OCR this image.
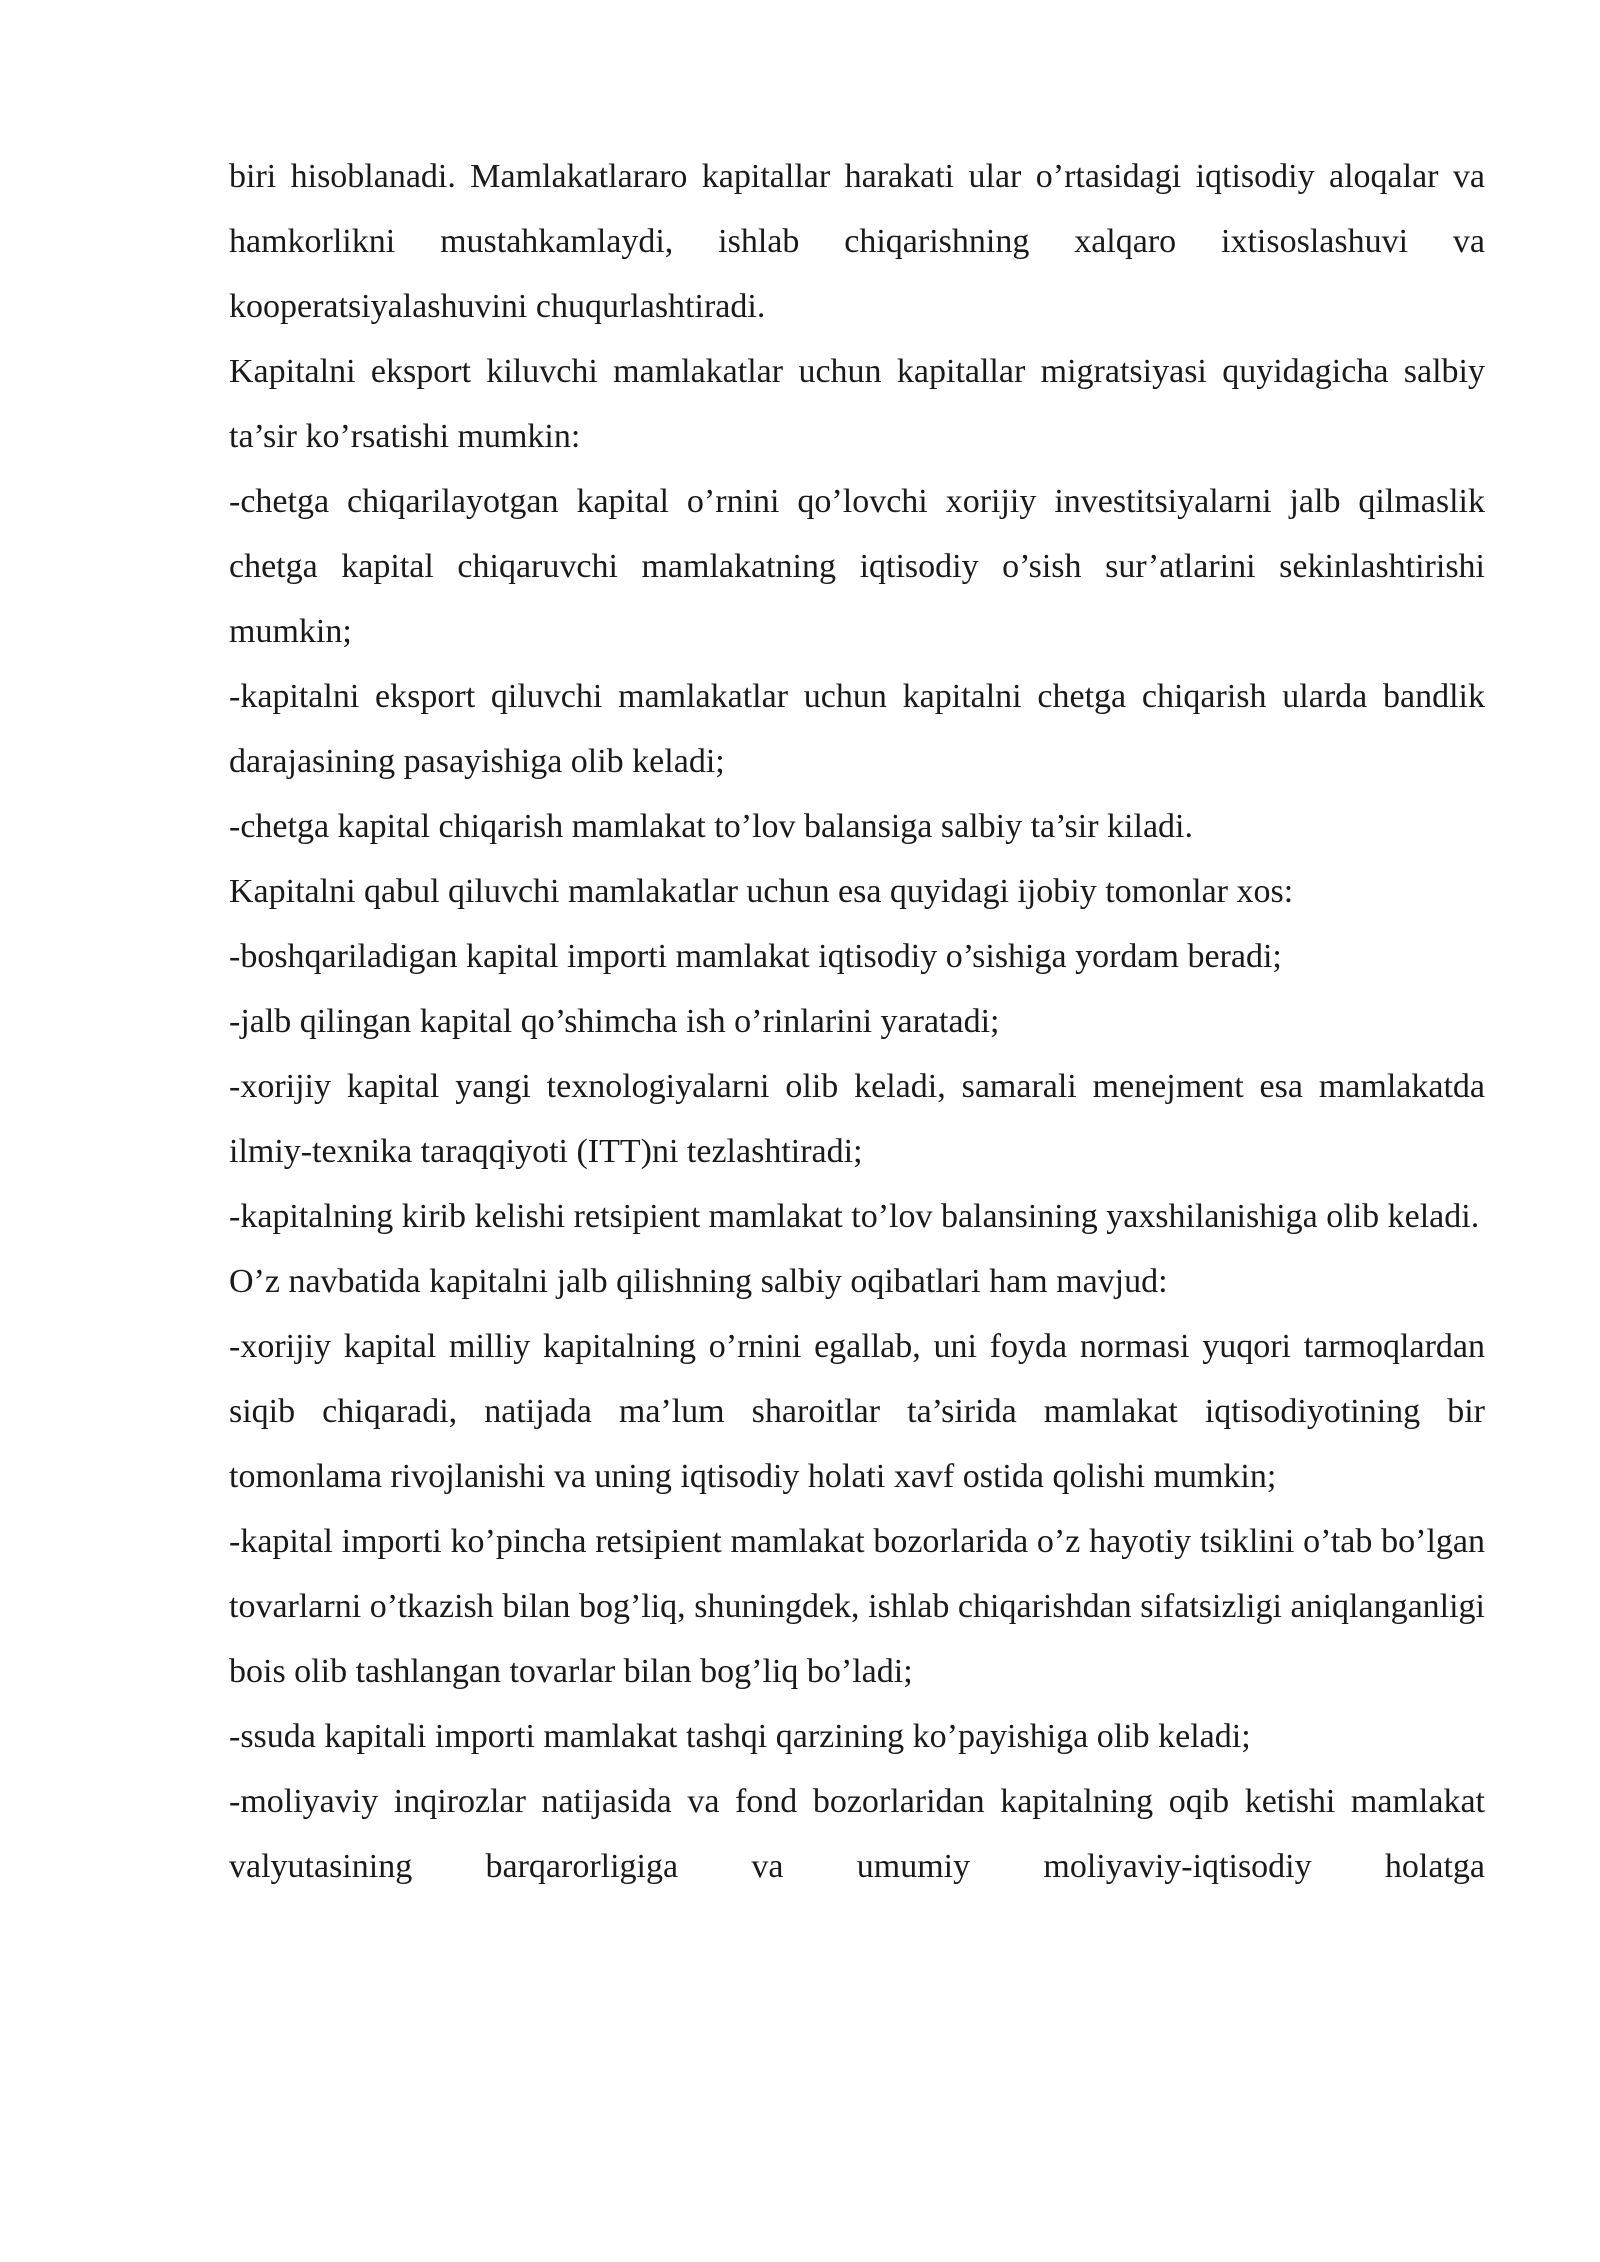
biri hisoblanadi. Mamlakatlararo kapitallar harakati ular o’rtasidagi iqtisodiy aloqalar va hamkorlikni mustahkamlaydi, ishlab chiqarishning xalqaro ixtisoslashuvi va kooperatsiyalashuvini chuqurlashtiradi.

Kapitalni eksport kiluvchi mamlakatlar uchun kapitallar migratsiyasi quyidagicha salbiy ta’sir ko’rsatishi mumkin:

-chetga chiqarilayotgan kapital o’rnini qo’lovchi xorijiy investitsiyalarni jalb qilmaslik chetga kapital chiqaruvchi mamlakatning iqtisodiy o’sish sur’atlarini sekinlashtirishi mumkin;

-kapitalni eksport qiluvchi mamlakatlar uchun kapitalni chetga chiqarish ularda bandlik darajasining pasayishiga olib keladi;

-chetga kapital chiqarish mamlakat to’lov balansiga salbiy ta’sir kiladi.

Kapitalni qabul qiluvchi mamlakatlar uchun esa quyidagi ijobiy tomonlar xos:

-boshqariladigan kapital importi mamlakat iqtisodiy o’sishiga yordam beradi;

-jalb qilingan kapital qo’shimcha ish o’rinlarini yaratadi;

-xorijiy kapital yangi texnologiyalarni olib keladi, samarali menejment esa mamlakatda ilmiy-texnika taraqqiyoti (ITT)ni tezlashtiradi;

-kapitalning kirib kelishi retsipient mamlakat to’lov balansining yaxshilanishiga olib keladi.

O’z navbatida kapitalni jalb qilishning salbiy oqibatlari ham mavjud:

-xorijiy kapital milliy kapitalning o’rnini egallab, uni foyda normasi yuqori tarmoqlardan siqib chiqaradi, natijada ma’lum sharoitlar ta’sirida mamlakat iqtisodiyotining bir tomonlama rivojlanishi va uning iqtisodiy holati xavf ostida qolishi mumkin;

-kapital importi ko’pincha retsipient mamlakat bozorlarida o’z hayotiy tsiklini o’tab bo’lgan tovarlarni o’tkazish bilan bog’liq, shuningdek, ishlab chiqarishdan sifatsizligi aniqlanganligi bois olib tashlangan tovarlar bilan bog’liq bo’ladi;

-ssuda kapitali importi mamlakat tashqi qarzining ko’payishiga olib keladi;

-moliyaviy inqirozlar natijasida va fond bozorlaridan kapitalning oqib ketishi mamlakat valyutasining barqarorligiga va umumiy moliyaviy-iqtisodiy holatga
